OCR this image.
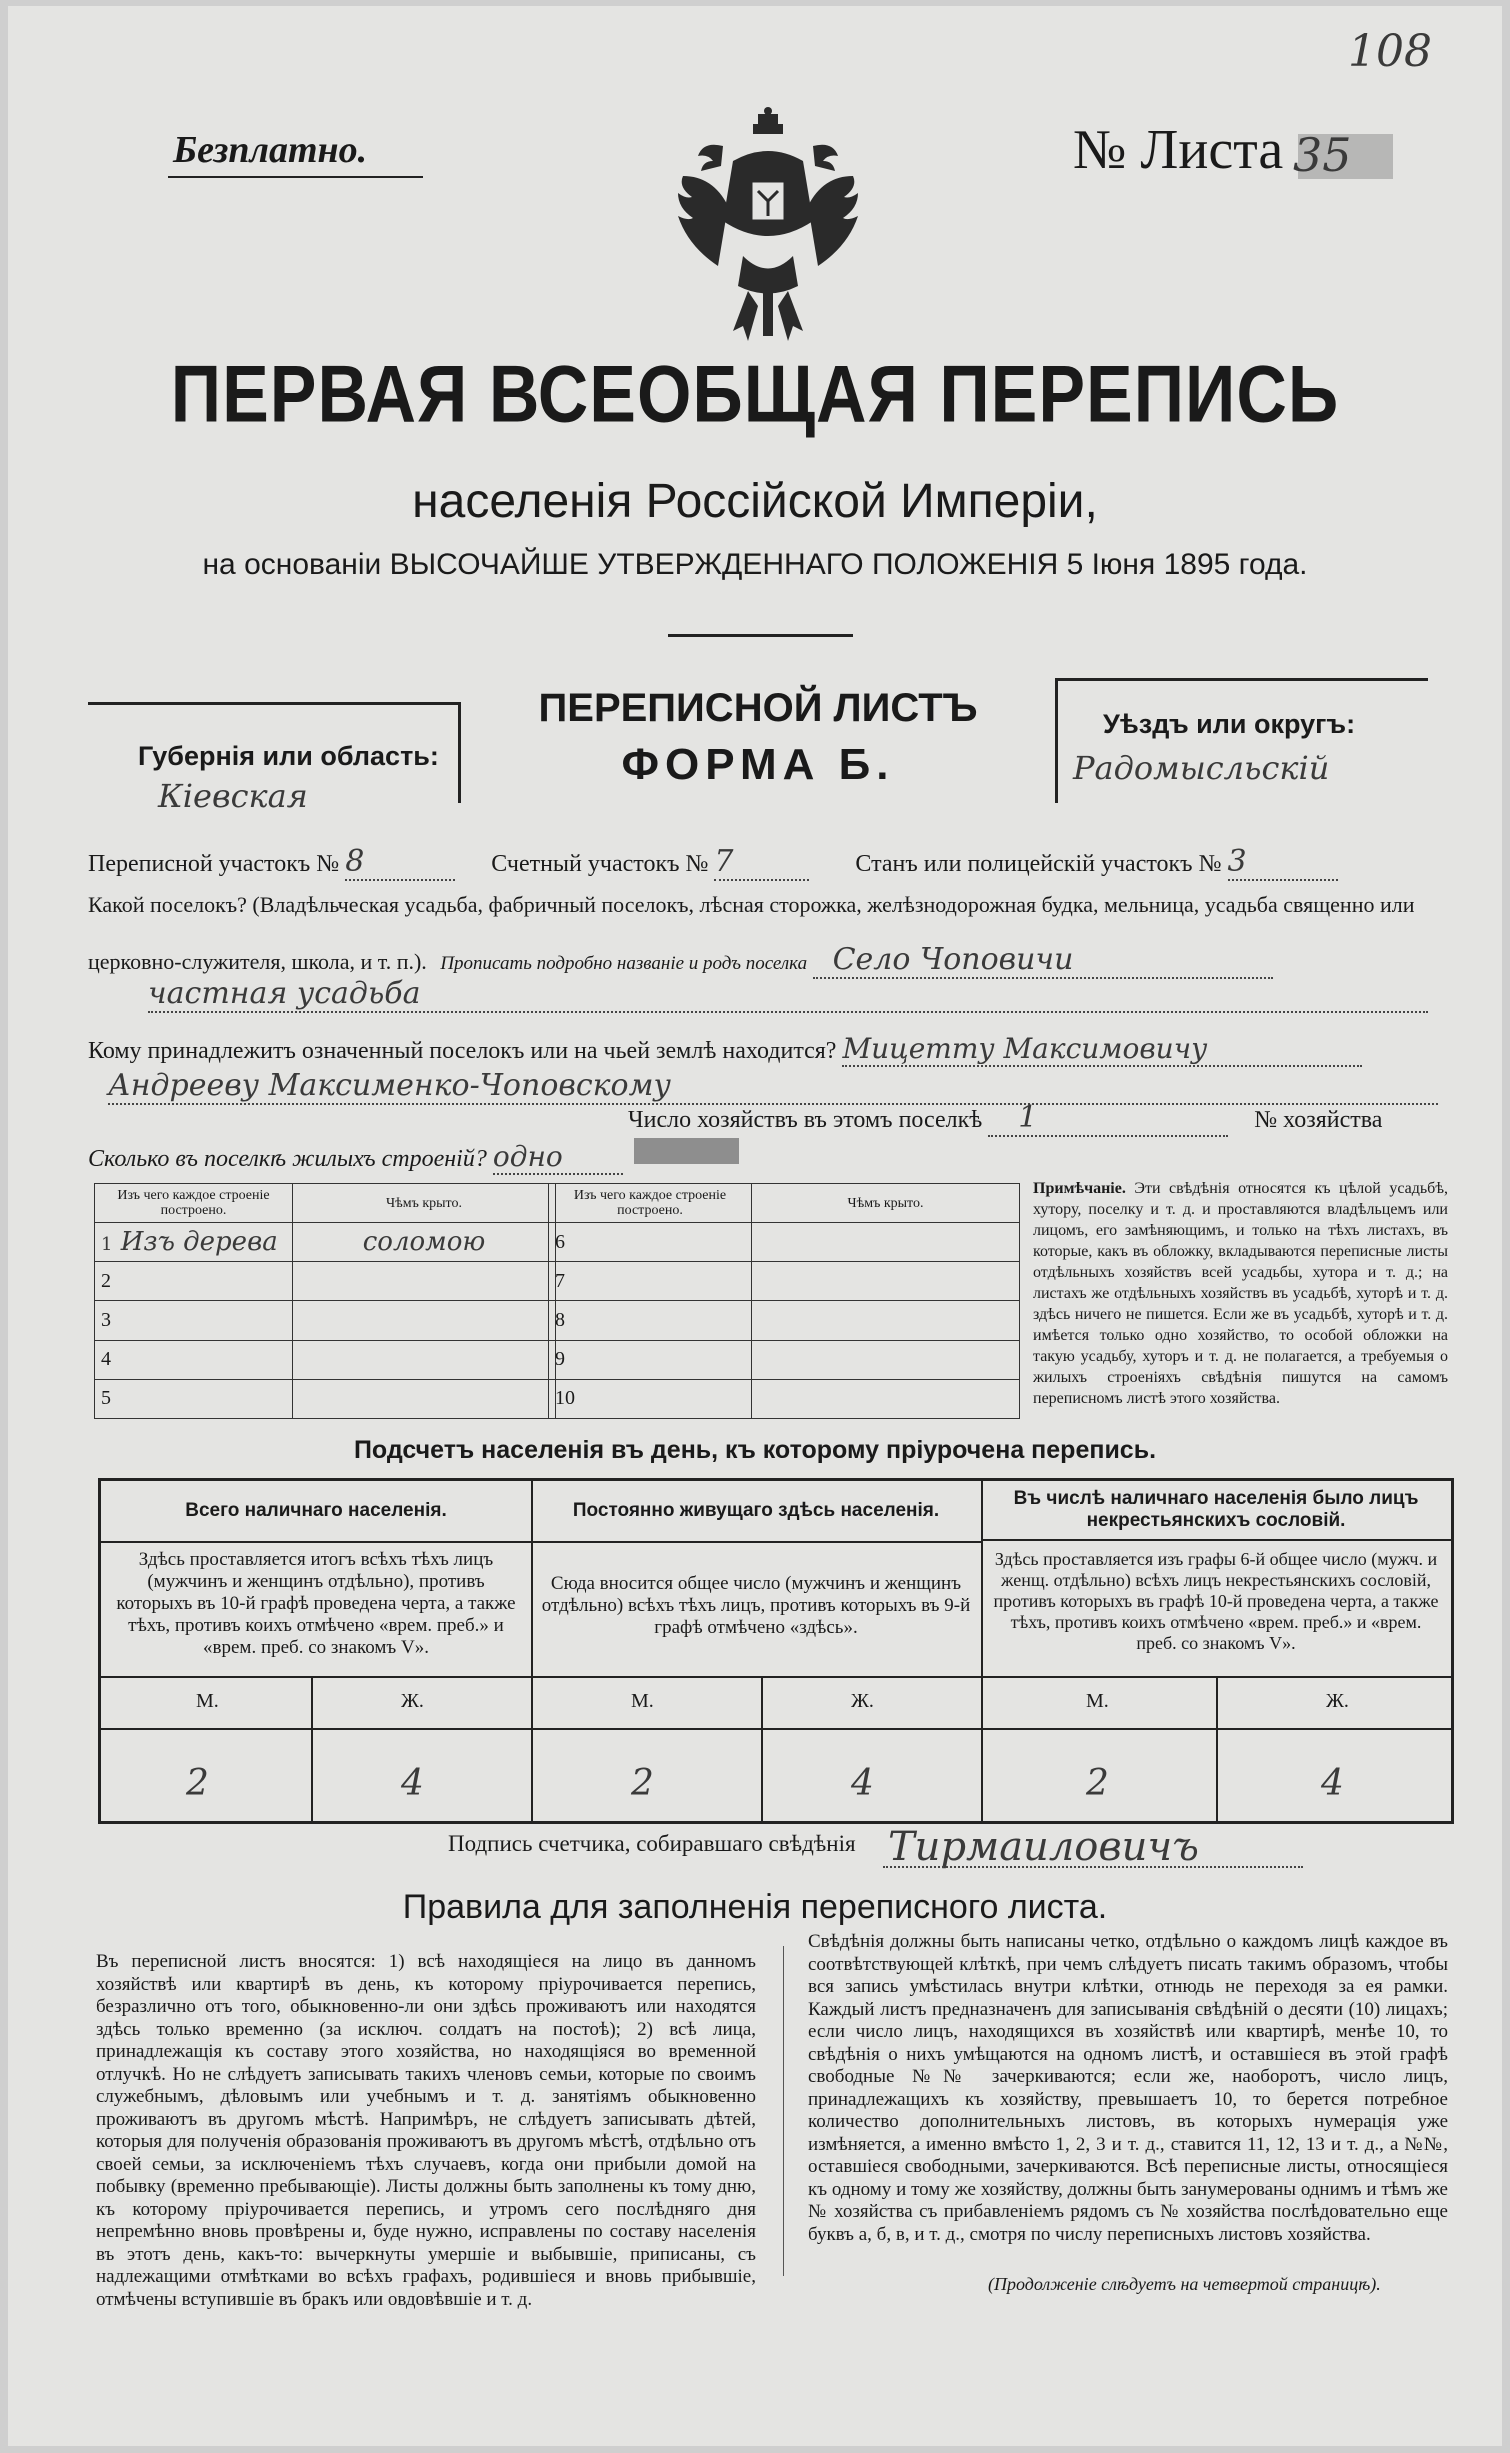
108
Безплатно.	№ Листа 35
ПЕРВАЯ ВСЕОБЩАЯ ПЕРЕПИСЬ
населенія Россійской Имперіи,
на основаніи ВЫСОЧАЙШЕ УТВЕРЖДЕННАГО ПОЛОЖЕНІЯ 5 Іюня 1895 года.
Губернія или область:
Кіевская
ПЕРЕПИСНОЙ ЛИСТЪ
ФОРМА Б.
Уѣздъ или округъ:
Радомысльскій
Переписной участокъ № 8	Счетный участокъ № 7	Станъ или полицейскій участокъ № 3
Какой поселокъ? (Владѣльческая усадьба, фабричный поселокъ, лѣсная сторожка, желѣзнодорожная будка, мельница, усадьба священно или
церковно-служителя, школа, и т. п.). Прописать подробно названіе и родъ поселка Село Чоповичи
частная усадьба
Кому принадлежитъ означенный поселокъ или на чьей землѣ находится? Мицетту Максимовичу
Андрееву Максименко-Чоповскому
Число хозяйствъ въ этомъ поселкѣ 1	№ хозяйства
Сколько въ поселкѣ жилыхъ строеній? одно
Изъ чего каждое строеніе построено.	Чѣмъ крыто.
1 Изъ дерева	соломою
2	
3	
4	
5	
Изъ чего каждое строеніе построено.	Чѣмъ крыто.
6	
7	
8	
9	
10	
Примѣчаніе. Эти свѣдѣнія относятся къ цѣлой усадьбѣ, хутору, поселку и т. д. и проставляются владѣльцемъ или лицомъ, его замѣняющимъ, и только на тѣхъ листахъ, въ которые, какъ въ обложку, вкладываются переписные листы отдѣльныхъ хозяйствъ всей усадьбы, хутора и т. д.; на листахъ же отдѣльныхъ хозяйствъ въ усадьбѣ, хуторѣ и т. д. здѣсь ничего не пишется. Если же въ усадьбѣ, хуторѣ и т. д. имѣется только одно хозяйство, то особой обложки на такую усадьбу, хуторъ и т. д. не полагается, а требуемыя о жилыхъ строеніяхъ свѣдѣнія пишутся на самомъ переписномъ листѣ этого хозяйства.
Подсчетъ населенія въ день, къ которому пріурочена перепись.
Всего наличнаго населенія.
Здѣсь проставляется итогъ всѣхъ тѣхъ лицъ (мужчинъ и женщинъ отдѣльно), противъ которыхъ въ 10-й графѣ проведена черта, а также тѣхъ, противъ коихъ отмѣчено «врем. преб.» и «врем. преб. со знакомъ V».
М.	Ж.
2	4
Постоянно живущаго здѣсь населенія.
Сюда вносится общее число (мужчинъ и женщинъ отдѣльно) всѣхъ тѣхъ лицъ, противъ которыхъ въ 9-й графѣ отмѣчено «здѣсь».
М.	Ж.
2	4
Въ числѣ наличнаго населенія было лицъ некрестьянскихъ сословій.
Здѣсь проставляется изъ графы 6-й общее число (мужч. и женщ. отдѣльно) всѣхъ лицъ некрестьянскихъ сословій, противъ которыхъ въ графѣ 10-й проведена черта, а также тѣхъ, противъ коихъ отмѣчено «врем. преб.» и «врем. преб. со знакомъ V».
М.	Ж.
2	4
Подпись счетчика, собиравшаго свѣдѣнія Тирмаиловичъ
Правила для заполненія переписного листа.
Въ переписной листъ вносятся: 1) всѣ находящіеся на лицо въ данномъ хозяйствѣ или квартирѣ въ день, къ которому пріурочивается перепись, безразлично отъ того, обыкновенно-ли они здѣсь проживаютъ или находятся здѣсь только временно (за исключ. солдатъ на постоѣ); 2) всѣ лица, принадлежащія къ составу этого хозяйства, но находящіяся во временной отлучкѣ. Но не слѣдуетъ записывать такихъ членовъ семьи, которые по своимъ служебнымъ, дѣловымъ или учебнымъ и т. д. занятіямъ обыкновенно проживаютъ въ другомъ мѣстѣ. Напримѣръ, не слѣдуетъ записывать дѣтей, которыя для полученія образованія проживаютъ въ другомъ мѣстѣ, отдѣльно отъ своей семьи, за исключеніемъ тѣхъ случаевъ, когда они прибыли домой на побывку (временно пребывающіе). Листы должны быть заполнены къ тому дню, къ которому пріурочивается перепись, и утромъ сего послѣдняго дня непремѣнно вновь провѣрены и, буде нужно, исправлены по составу населенія въ этотъ день, какъ-то: вычеркнуты умершіе и выбывшіе, приписаны, съ надлежащими отмѣтками во всѣхъ графахъ, родившіеся и вновь прибывшіе, отмѣчены вступившіе въ бракъ или овдовѣвшіе и т. д.
Свѣдѣнія должны быть написаны четко, отдѣльно о каждомъ лицѣ каждое въ соотвѣтствующей клѣткѣ, при чемъ слѣдуетъ писать такимъ образомъ, чтобы вся запись умѣстилась внутри клѣтки, отнюдь не переходя за ея рамки. Каждый листъ предназначенъ для записыванія свѣдѣній о десяти (10) лицахъ; если число лицъ, находящихся въ хозяйствѣ или квартирѣ, менѣе 10, то свѣдѣнія о нихъ умѣщаются на одномъ листѣ, и оставшіеся въ этой графѣ свободные №№ зачеркиваются; если же, наоборотъ, число лицъ, принадлежащихъ къ хозяйству, превышаетъ 10, то берется потребное количество дополнительныхъ листовъ, въ которыхъ нумерація уже измѣняется, а именно вмѣсто 1, 2, 3 и т. д., ставится 11, 12, 13 и т. д., а №№, оставшіеся свободными, зачеркиваются. Всѣ переписные листы, относящіеся къ одному и тому же хозяйству, должны быть занумерованы однимъ и тѣмъ же № хозяйства съ прибавленіемъ рядомъ съ № хозяйства послѣдовательно еще буквъ а, б, в, и т. д., смотря по числу переписныхъ листовъ хозяйства.
(Продолженіе слѣдуетъ на четвертой страницѣ).
